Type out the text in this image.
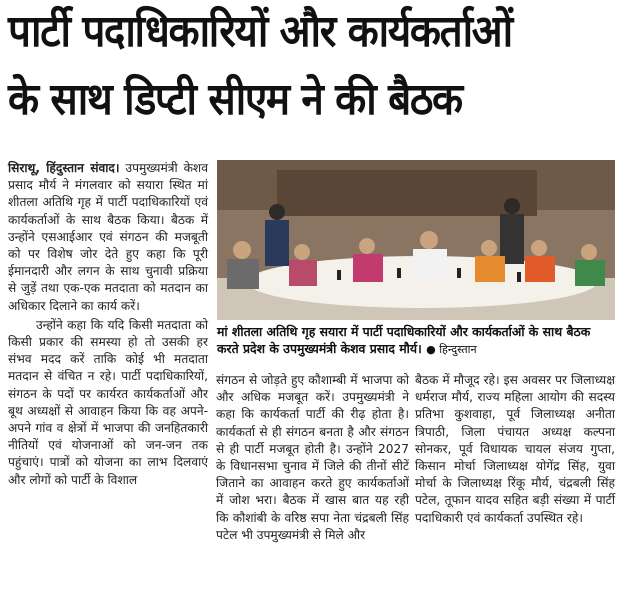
पार्टी पदाधिकारियों और कार्यकर्ताओं
के साथ डिप्टी सीएम ने की बैठक

सिराथू, हिंदुस्तान संवाद। उपमुख्यमंत्री केशव प्रसाद मौर्य ने मंगलवार को सयारा स्थित मां शीतला अतिथि गृह में पार्टी पदाधिकारियों एवं कार्यकर्ताओं के साथ बैठक किया। बैठक में उन्होंने एसआईआर एवं संगठन की मजबूती को पर विशेष जोर देते हुए कहा कि पूरी ईमानदारी और लगन के साथ चुनावी प्रक्रिया से जुड़ें तथा एक-एक मतदाता को मतदान का अधिकार दिलाने का कार्य करें।

उन्होंने कहा कि यदि किसी मतदाता को किसी प्रकार की समस्या हो तो उसकी हर संभव मदद करें ताकि कोई भी मतदाता मतदान से वंचित न रहे। पार्टी पदाधिकारियों, संगठन के पदों पर कार्यरत कार्यकर्ताओं और बूथ अध्यक्षों से आवाहन किया कि वह अपने-अपने गांव व क्षेत्रों में भाजपा की जनहितकारी नीतियों एवं योजनाओं को जन-जन तक पहुंचाएं। पात्रों को योजना का लाभ दिलवाएं और लोगों को पार्टी के विशाल

मां शीतला अतिथि गृह सयारा में पार्टी पदाधिकारियों और कार्यकर्ताओं के साथ बैठक करते प्रदेश के उपमुख्यमंत्री केशव प्रसाद मौर्य। ● हिन्दुस्तान

संगठन से जोड़ते हुए कौशाम्बी में भाजपा को और अधिक मजबूत करें। उपमुख्यमंत्री ने कहा कि कार्यकर्ता पार्टी की रीढ़ होता है। कार्यकर्ता से ही संगठन बनता है और संगठन से ही पार्टी मजबूत होती है। उन्होंने 2027 के विधानसभा चुनाव में जिले की तीनों सीटें जिताने का आवाहन करते हुए कार्यकर्ताओं में जोश भरा। बैठक में खास बात यह रही कि कौशांबी के वरिष्ठ सपा नेता चंद्रबली सिंह पटेल भी उपमुख्यमंत्री से मिले और

बैठक में मौजूद रहे। इस अवसर पर जिलाध्यक्ष धर्मराज मौर्य, राज्य महिला आयोग की सदस्य प्रतिभा कुशवाहा, पूर्व जिलाध्यक्ष अनीता त्रिपाठी, जिला पंचायत अध्यक्ष कल्पना सोनकर, पूर्व विधायक चायल संजय गुप्ता, किसान मोर्चा जिलाध्यक्ष योगेंद्र सिंह, युवा मोर्चा के जिलाध्यक्ष रिंकू मौर्य, चंद्रबली सिंह पटेल, तूफान यादव सहित बड़ी संख्या में पार्टी पदाधिकारी एवं कार्यकर्ता उपस्थित रहे।
